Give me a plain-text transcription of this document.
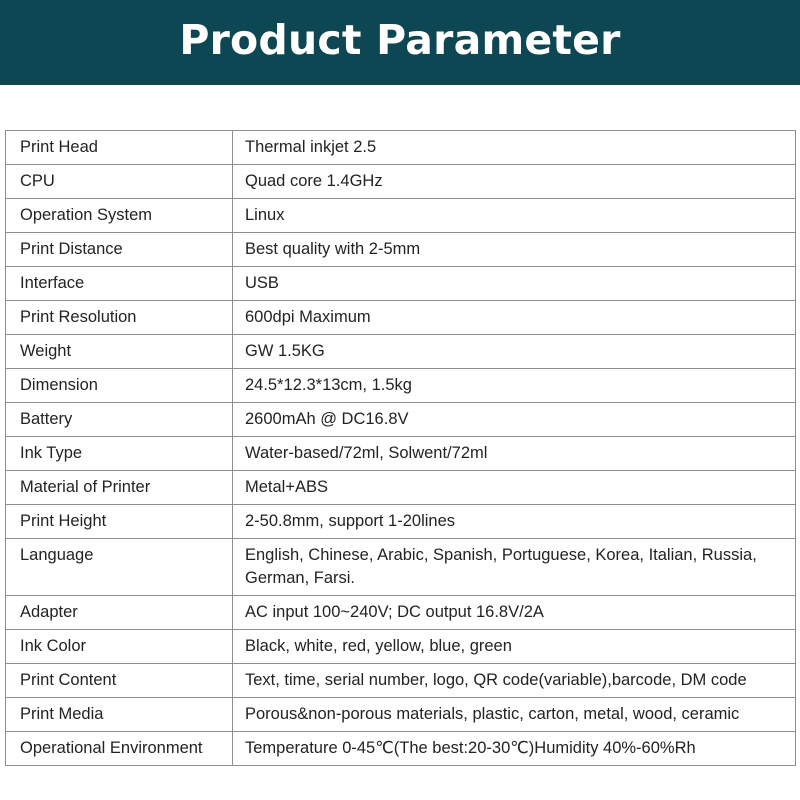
Product Parameter
Print Head	Thermal inkjet 2.5
CPU	Quad core 1.4GHz
Operation System	Linux
Print Distance	Best quality with 2-5mm
Interface	USB
Print Resolution	600dpi Maximum
Weight	GW 1.5KG
Dimension	24.5*12.3*13cm, 1.5kg
Battery	2600mAh @ DC16.8V
Ink Type	Water-based/72ml, Solwent/72ml
Material of Printer	Metal+ABS
Print Height	2-50.8mm, support 1-20lines
Language	English, Chinese, Arabic, Spanish, Portuguese, Korea, Italian, Russia, German, Farsi.
Adapter	AC input 100~240V; DC output 16.8V/2A
Ink Color	Black, white, red, yellow, blue, green
Print Content	Text, time, serial number, logo, QR code(variable),barcode, DM code
Print Media	Porous&non-porous materials, plastic, carton, metal, wood, ceramic
Operational Environment	Temperature 0-45℃(The best:20-30℃)Humidity 40%-60%Rh
